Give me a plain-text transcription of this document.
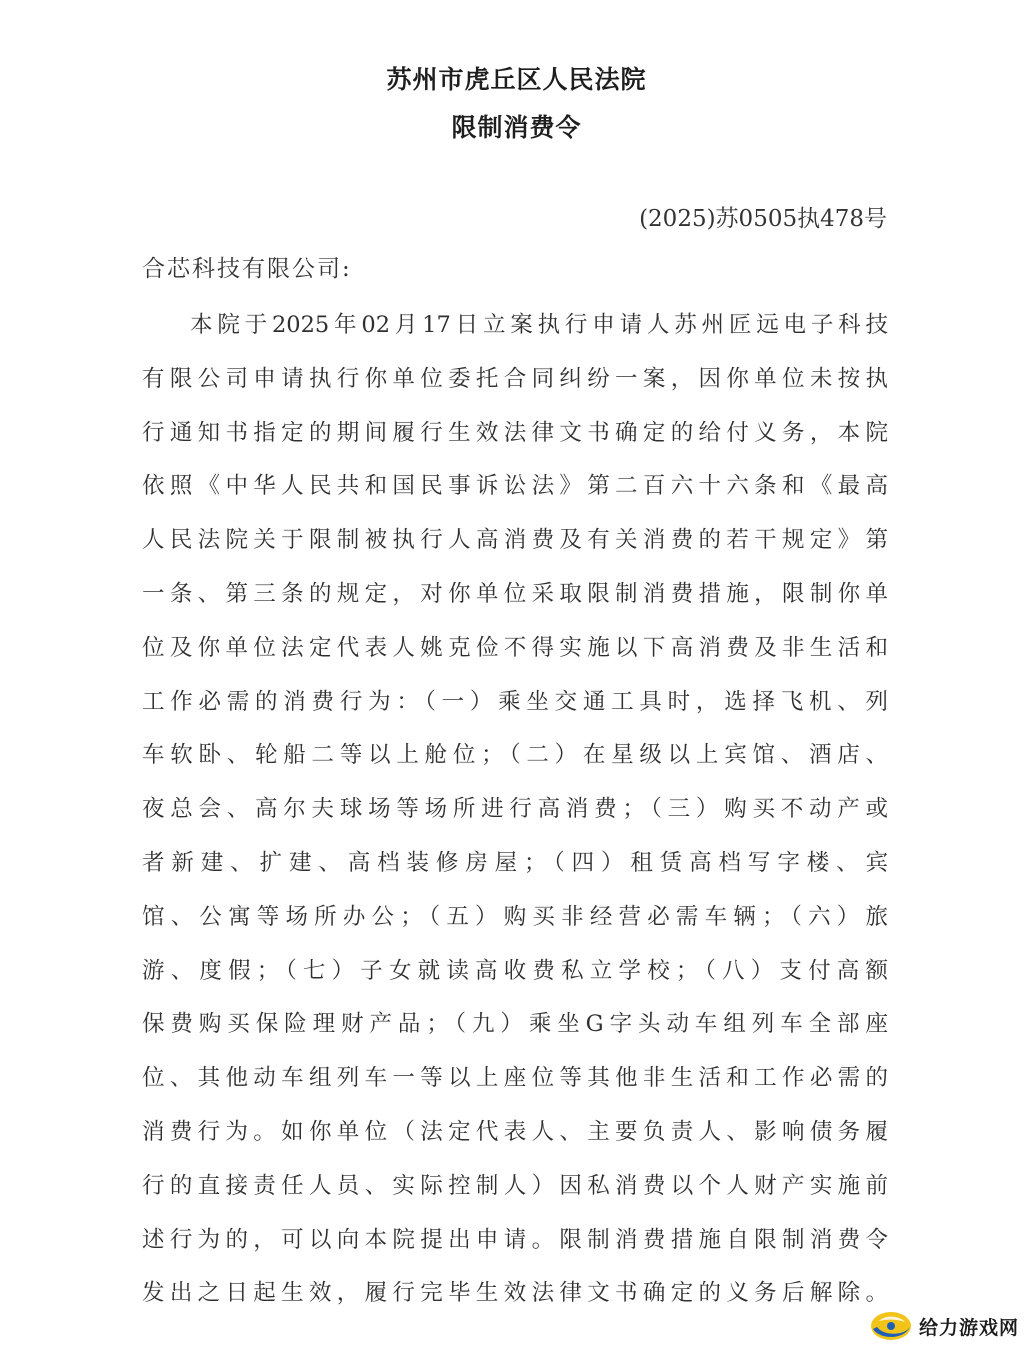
苏州市虎丘区人民法院
限制消费令
(2025)苏0505执478号
合芯科技有限公司:
本院于2025年02月17日立案执行申请人苏州匠远电子科技
有限公司申请执行你单位委托合同纠纷一案，因你单位未按执
行通知书指定的期间履行生效法律文书确定的给付义务，本院
依照《中华人民共和国民事诉讼法》第二百六十六条和《最高
人民法院关于限制被执行人高消费及有关消费的若干规定》第
一条、第三条的规定，对你单位采取限制消费措施，限制你单
位及你单位法定代表人姚克俭不得实施以下高消费及非生活和
工作必需的消费行为：（一）乘坐交通工具时，选择飞机、列
车软卧、轮船二等以上舱位；（二）在星级以上宾馆、酒店、
夜总会、高尔夫球场等场所进行高消费；（三）购买不动产或
者新建、扩建、高档装修房屋；（四）租赁高档写字楼、宾
馆、公寓等场所办公；（五）购买非经营必需车辆；（六）旅
游、度假；（七）子女就读高收费私立学校；（八）支付高额
保费购买保险理财产品；（九）乘坐G字头动车组列车全部座
位、其他动车组列车一等以上座位等其他非生活和工作必需的
消费行为。如你单位（法定代表人、主要负责人、影响债务履
行的直接责任人员、实际控制人）因私消费以个人财产实施前
述行为的，可以向本院提出申请。限制消费措施自限制消费令
发出之日起生效，履行完毕生效法律文书确定的义务后解除。
给力游戏网
